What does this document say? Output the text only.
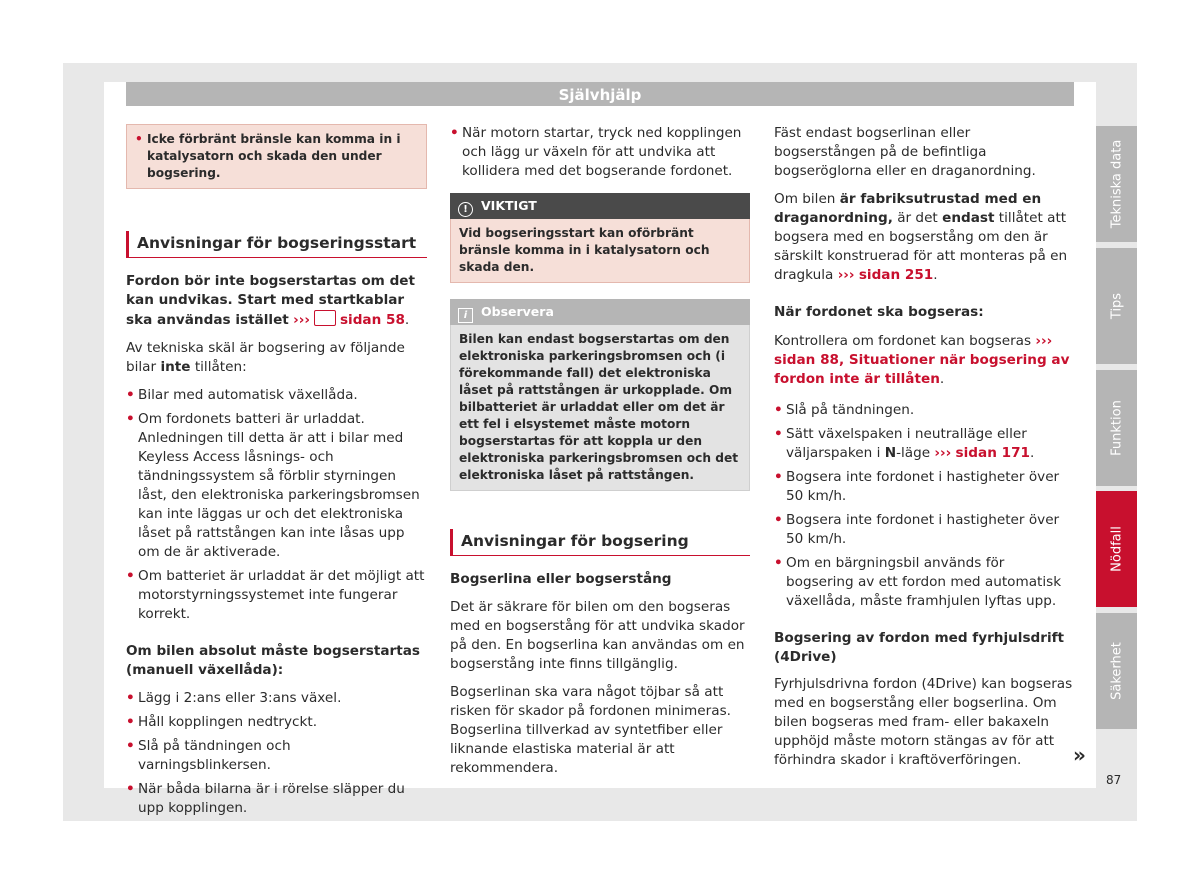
Självhjälp
• Icke förbränt bränsle kan komma in i katalysatorn och skada den under bogsering.
Anvisningar för bogseringsstart

Fordon bör inte bogserstartas om det kan undvikas. Start med startkablar ska användas istället ››› sidan 58.

Av tekniska skäl är bogsering av följande bilar inte tillåten:

• Bilar med automatisk växellåda.
• Om fordonets batteri är urladdat. Anledningen till detta är att i bilar med Keyless Access låsnings- och tändningssystem så förblir styrningen låst, den elektroniska parkeringsbromsen kan inte läggas ur och det elektroniska låset på rattstången kan inte låsas upp om de är aktiverade.
• Om batteriet är urladdat är det möjligt att motorstyrningssystemet inte fungerar korrekt.

Om bilen absolut måste bogserstartas (manuell växellåda):

• Lägg i 2:ans eller 3:ans växel.
• Håll kopplingen nedtryckt.
• Slå på tändningen och varningsblinkersen.
• När båda bilarna är i rörelse släpper du upp kopplingen.
• När motorn startar, tryck ned kopplingen och lägg ur växeln för att undvika att kolliderа med det bogserande fordonet.
! VIKTIGT
Vid bogseringsstart kan oförbränt bränsle komma in i katalysatorn och skada den.
i Observera
Bilen kan endast bogserstartas om den elektroniska parkeringsbromsen och (i förekommande fall) det elektroniska låset på rattstången är urkopplade. Om bilbatteriet är urladdat eller om det är ett fel i elsystemet måste motorn bogserstartas för att koppla ur den elektroniska parkeringsbromsen och det elektroniska låset på rattstången.
Anvisningar för bogsering

Bogserlina eller bogserstång

Det är säkrare för bilen om den bogseras med en bogserstång för att undvika skador på den. En bogserlina kan användas om en bogserstång inte finns tillgänglig.

Bogserlinan ska vara något töjbar så att risken för skador på fordonen minimeras. Bogserlina tillverkad av syntetfiber eller liknande elastiska material är att rekommendera.

Fäst endast bogserlinan eller bogserstången på de befintliga bogseröglorna eller en draganordning.

Om bilen är fabriksutrustad med en draganordning, är det endast tillåtet att bogsera med en bogserstång om den är särskilt konstruerad för att monteras på en dragkula ››› sidan 251.

När fordonet ska bogseras:

Kontrollera om fordonet kan bogseras ››› sidan 88, Situationer när bogsering av fordon inte är tillåten.

• Slå på tändningen.
• Sätt växelspaken i neutralläge eller väljarspaken i N-läge ››› sidan 171.
• Bogsera inte fordonet i hastigheter över 50 km/h.
• Bogsera inte fordonet i hastigheter över 50 km/h.
• Om en bärgningsbil används för bogsering av ett fordon med automatisk växellåda, måste framhjulen lyftas upp.

Bogsering av fordon med fyrhjulsdrift (4Drive)

Fyrhjulsdrivna fordon (4Drive) kan bogseras med en bogserstång eller bogserlina. Om bilen bogseras med fram- eller bakaxeln upphöjd måste motorn stängas av för att förhindra skador i kraftöverföringen.

Tekniska data
Tips
Funktion
Nödfall
Säkerhet
»
87
